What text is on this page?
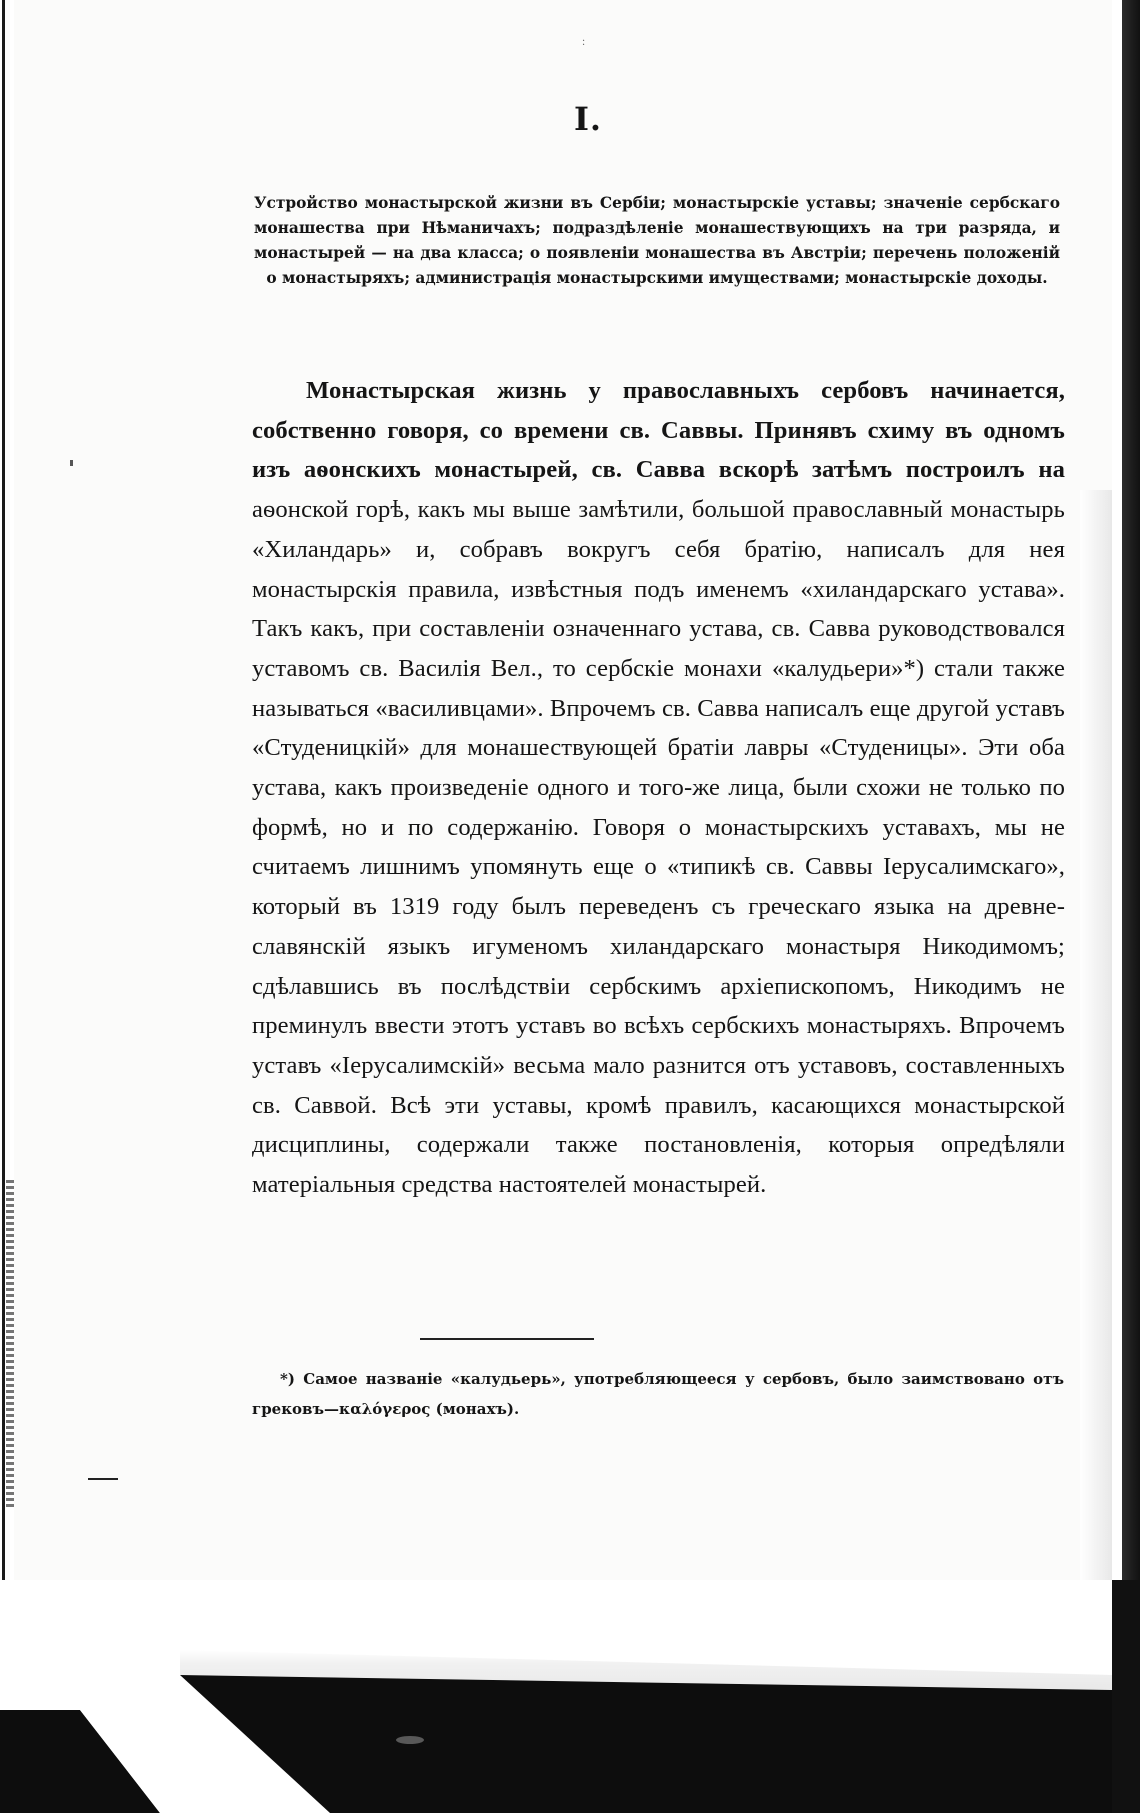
· ·
I.
Устройство монастырской жизни въ Сербіи; монастырскіе уставы; значеніе сербскаго монашества при Нѣманичахъ; подраздѣленіе монашествующихъ на три разряда, и монастырей — на два класса; о появленіи монашества въ Австріи; перечень положеній о монастыряхъ; администрація монастырскими имуществами; монастырскіе доходы.
Монастырская жизнь у православныхъ сербовъ начинается, собственно говоря, со времени св. Саввы. Принявъ схиму въ одномъ изъ аѳонскихъ монастырей, св. Савва вскорѣ затѣмъ построилъ на аѳонской горѣ, какъ мы выше замѣтили, большой православный монастырь «Хиландарь» и, собравъ вокругъ себя братію, написалъ для нея монастырскія правила, извѣстныя подъ именемъ «хиландарскаго устава». Такъ какъ, при составленіи означеннаго устава, св. Савва руководствовался уставомъ св. Василія Вел., то сербскіе монахи «калудьери»*) стали также называться «василивцами». Впрочемъ св. Савва написалъ еще другой уставъ «Студеницкій» для монашествующей братіи лавры «Студеницы». Эти оба устава, какъ произведеніе одного и того-же лица, были схожи не только по формѣ, но и по содержанію. Говоря о монастырскихъ уставахъ, мы не считаемъ лишнимъ упомянуть еще о «типикѣ св. Саввы Іерусалимскаго», который въ 1319 году былъ переведенъ съ греческаго языка на древне-славянскій языкъ игуменомъ хиландарскаго монастыря Никодимомъ; сдѣлавшись въ послѣдствіи сербскимъ архіепископомъ, Никодимъ не преминулъ ввести этотъ уставъ во всѣхъ сербскихъ монастыряхъ. Впрочемъ уставъ «Іерусалимскій» весьма мало разнится отъ уставовъ, составленныхъ св. Саввой. Всѣ эти уставы, кромѣ правилъ, касающихся монастырской дисциплины, содержали также постановленія, которыя опредѣляли матеріальныя средства настоятелей монастырей.
*) Самое названіе «калудьерь», употребляющееся у сербовъ, было заимствовано отъ грековъ—καλόγερος (монахъ).
